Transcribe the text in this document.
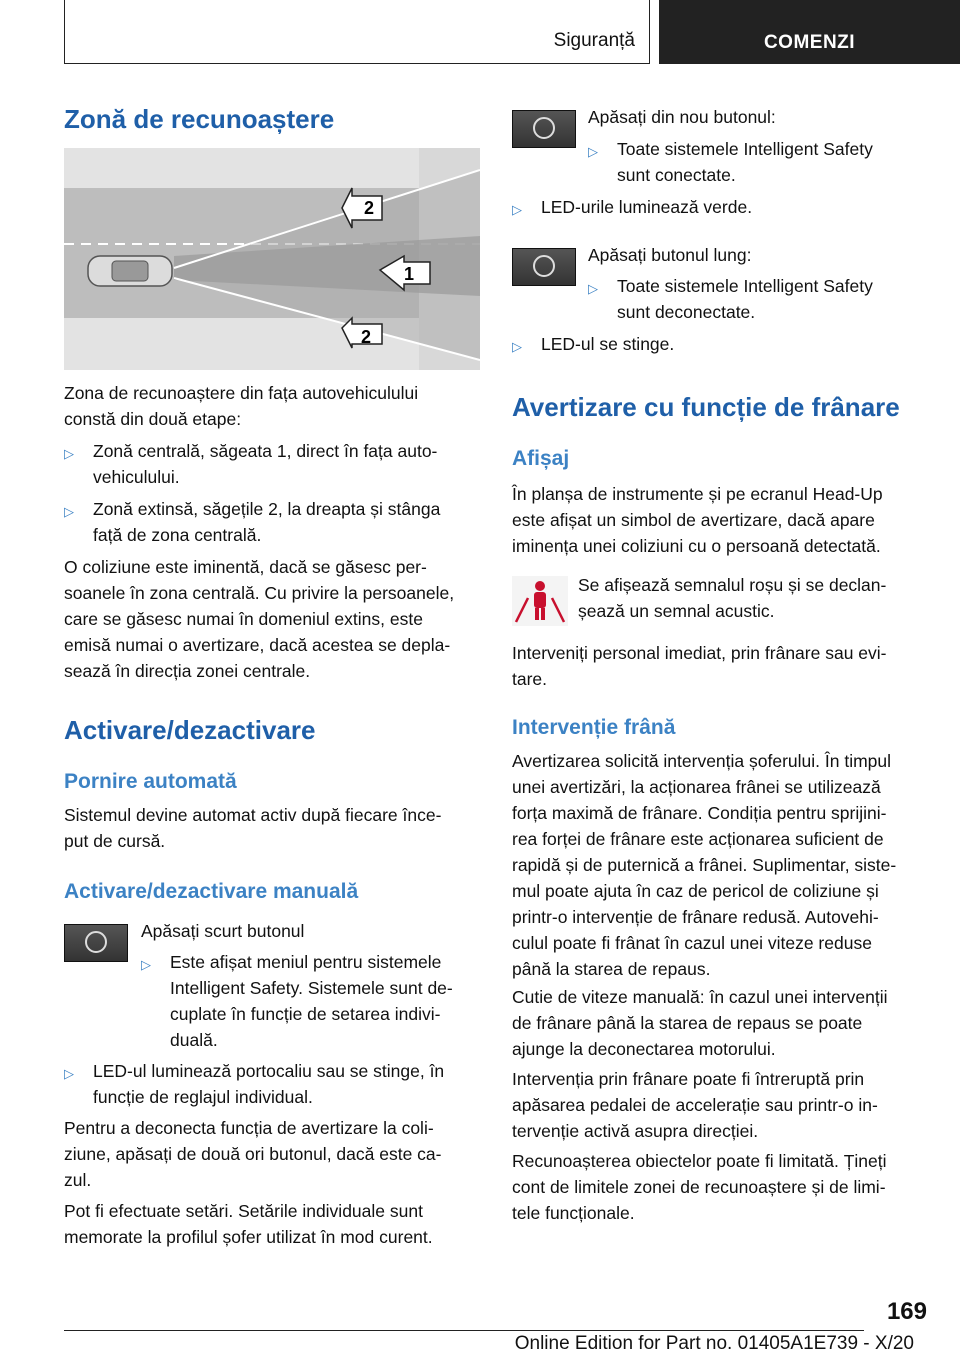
Siguranță	COMENZI
Zonă de recunoaștere
2
1
2
Zona de recunoaștere din fața autovehiculului
constă din două etape:
▷ Zonă centrală, săgeata 1, direct în fața auto-
vehiculului.
▷ Zonă extinsă, săgețile 2, la dreapta și stânga
față de zona centrală.
O coliziune este iminentă, dacă se găsesc per-
soanele în zona centrală. Cu privire la persoanele,
care se găsesc numai în domeniul extins, este
emisă numai o avertizare, dacă acestea se depla-
sează în direcția zonei centrale.
Activare/dezactivare
Pornire automată
Sistemul devine automat activ după fiecare înce-
put de cursă.
Activare/dezactivare manuală
Apăsați scurt butonul
▷ Este afișat meniul pentru sistemele
Intelligent Safety. Sistemele sunt de-
cuplate în funcție de setarea indivi-
duală.
▷ LED-ul luminează portocaliu sau se stinge, în
funcție de reglajul individual.
Pentru a deconecta funcția de avertizare la coli-
ziune, apăsați de două ori butonul, dacă este ca-
zul.
Pot fi efectuate setări. Setările individuale sunt
memorate la profilul șofer utilizat în mod curent.
Apăsați din nou butonul:
▷ Toate sistemele Intelligent Safety
sunt conectate.
▷ LED-urile luminează verde.
Apăsați butonul lung:
▷ Toate sistemele Intelligent Safety
sunt deconectate.
▷ LED-ul se stinge.
Avertizare cu funcție de frânare
Afișaj
În planșa de instrumente și pe ecranul Head-Up
este afișat un simbol de avertizare, dacă apare
iminența unei coliziuni cu o persoană detectată.
Se afișează semnalul roșu și se declan-
șează un semnal acustic.
Interveniți personal imediat, prin frânare sau evi-
tare.
Intervenție frână
Avertizarea solicită intervenția șoferului. În timpul
unei avertizări, la acționarea frânei se utilizează
forța maximă de frânare. Condiția pentru sprijini-
rea forței de frânare este acționarea suficient de
rapidă și de puternică a frânei. Suplimentar, siste-
mul poate ajuta în caz de pericol de coliziune și
printr-o intervenție de frânare redusă. Autovehi-
culul poate fi frânat în cazul unei viteze reduse
până la starea de repaus.
Cutie de viteze manuală: în cazul unei intervenții
de frânare până la starea de repaus se poate
ajunge la deconectarea motorului.
Intervenția prin frânare poate fi întreruptă prin
apăsarea pedalei de accelerație sau printr-o in-
tervenție activă asupra direcției.
Recunoașterea obiectelor poate fi limitată. Țineți
cont de limitele zonei de recunoaștere și de limi-
tele funcționale.
169
Online Edition for Part no. 01405A1E739 - X/20
